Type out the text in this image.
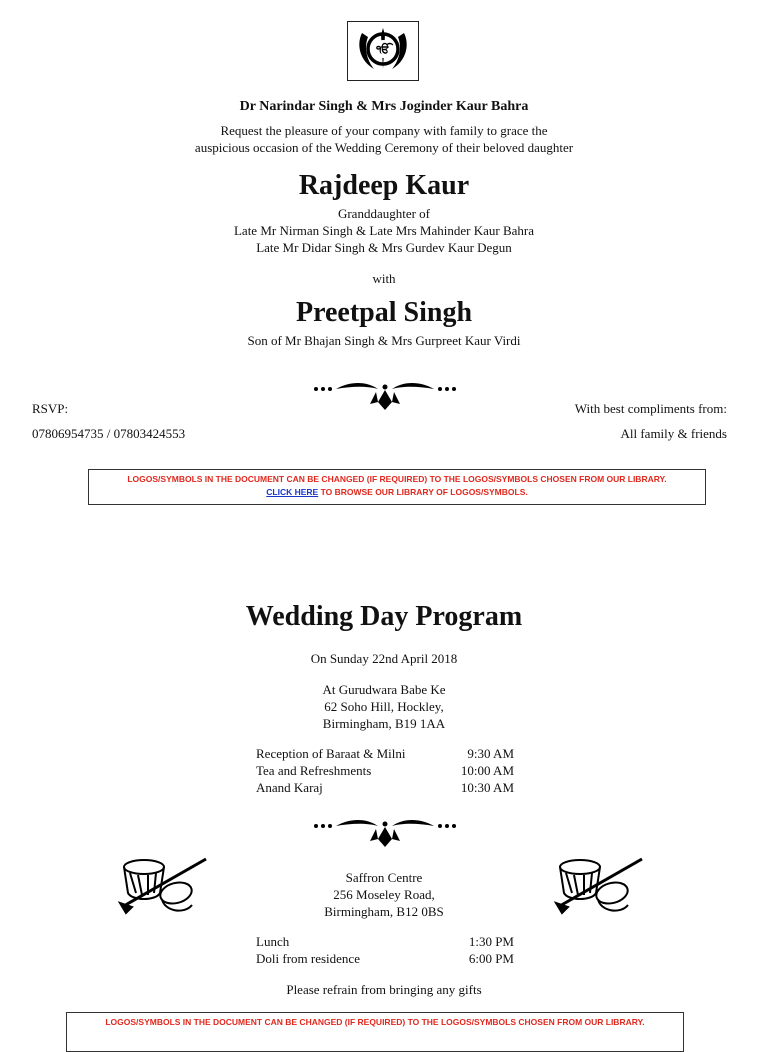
ੴ
Dr Narindar Singh & Mrs Joginder Kaur Bahra
Request the pleasure of your company with family to grace the
auspicious occasion of the Wedding Ceremony of their beloved daughter
Rajdeep Kaur
Granddaughter of
Late Mr Nirman Singh & Late Mrs Mahinder Kaur Bahra
Late Mr Didar Singh & Mrs Gurdev Kaur Degun
with
Preetpal Singh
Son of Mr Bhajan Singh & Mrs Gurpreet Kaur Virdi
RSVP:
07806954735 / 07803424553
With best compliments from:
All family & friends
LOGOS/SYMBOLS IN THE DOCUMENT CAN BE CHANGED (IF REQUIRED) TO THE LOGOS/SYMBOLS CHOSEN FROM OUR LIBRARY.
CLICK HERE TO BROWSE OUR LIBRARY OF LOGOS/SYMBOLS.
Wedding Day Program
On Sunday 22nd April 2018
At Gurudwara Babe Ke
62 Soho Hill, Hockley,
Birmingham, B19 1AA
Reception of Baraat & Milni	9:30 AM
Tea and Refreshments	10:00 AM
Anand Karaj	10:30 AM
Saffron Centre
256 Moseley Road,
Birmingham, B12 0BS
Lunch	1:30 PM
Doli from residence	6:00 PM
Please refrain from bringing any gifts
LOGOS/SYMBOLS IN THE DOCUMENT CAN BE CHANGED (IF REQUIRED) TO THE LOGOS/SYMBOLS CHOSEN FROM OUR LIBRARY.
